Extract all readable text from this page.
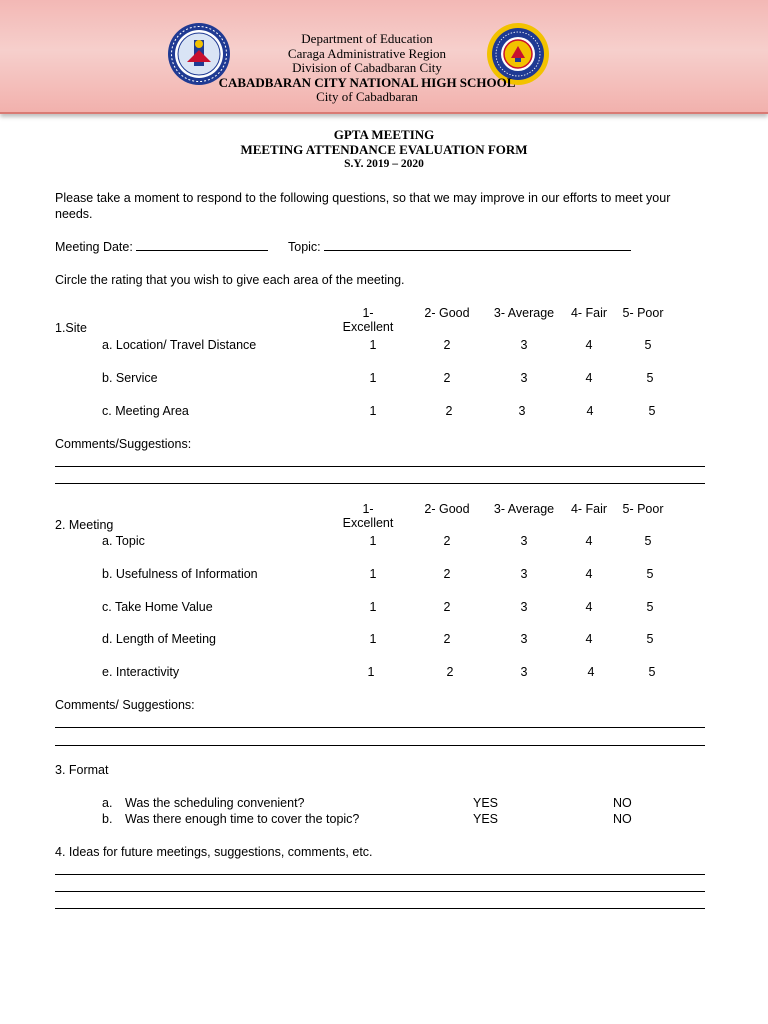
Department of Education
Caraga Administrative Region
Division of Cabadbaran City
CABADBARAN CITY NATIONAL HIGH SCHOOL
City of Cabadbaran
GPTA MEETING
MEETING ATTENDANCE EVALUATION FORM
S.Y. 2019 – 2020
Please take a moment to respond to the following questions, so that we may improve in our efforts to meet your
needs.
Meeting Date:	Topic:
Circle the rating that you wish to give each area of the meeting.
1- Excellent
2- Good	3- Average	4- Fair	5- Poor
1.Site
a. Location/ Travel Distance	1	2	3	4	5
b. Service	1	2	3	4	5
c. Meeting Area	1	2	3	4	5
Comments/Suggestions:
1- Excellent
2- Good	3- Average	4- Fair	5- Poor
2. Meeting
a. Topic	1	2	3	4	5
b. Usefulness of Information	1	2	3	4	5
c. Take Home Value	1	2	3	4	5
d. Length of Meeting	1	2	3	4	5
e. Interactivity	1	2	3	4	5
Comments/ Suggestions:
3. Format
a. Was the scheduling convenient?	YES	NO
b. Was there enough time to cover the topic?	YES	NO
4. Ideas for future meetings, suggestions, comments, etc.
